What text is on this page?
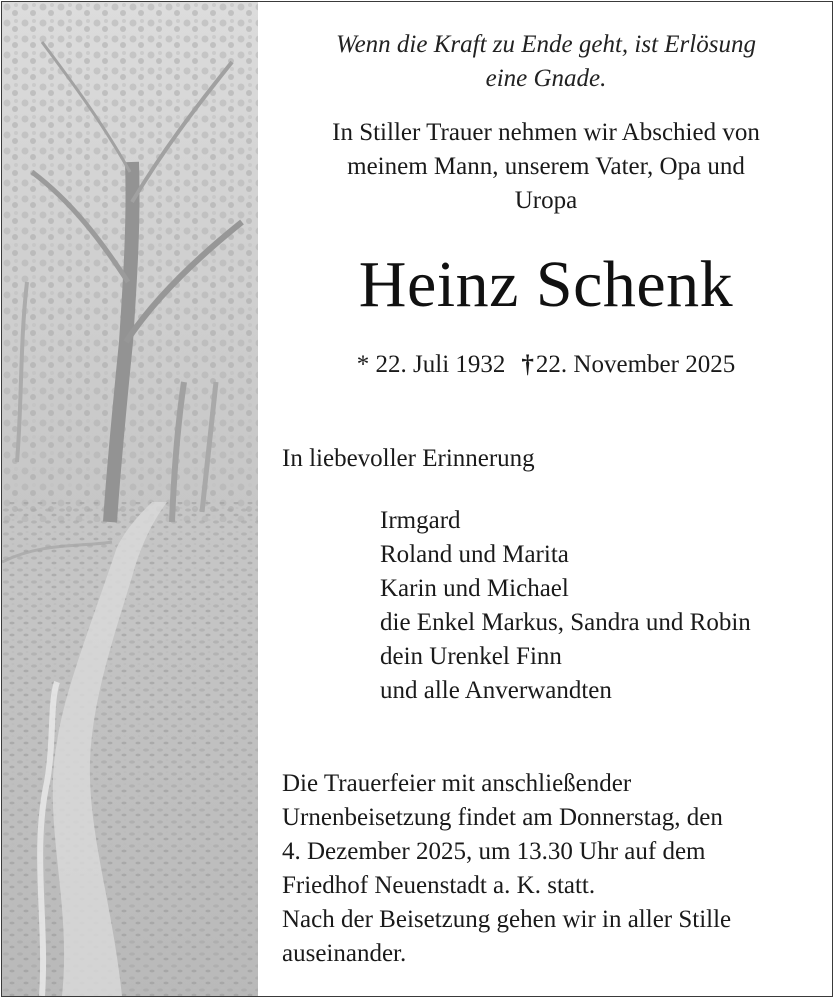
Wenn die Kraft zu Ende geht, ist Erlösung
eine Gnade.
In Stiller Trauer nehmen wir Abschied von
meinem Mann, unserem Vater, Opa und
Uropa
Heinz Schenk
* 22. Juli 1932 †22. November 2025
In liebevoller Erinnerung
Irmgard
Roland und Marita
Karin und Michael
die Enkel Markus, Sandra und Robin
dein Urenkel Finn
und alle Anverwandten
Die Trauerfeier mit anschließender
Urnenbeisetzung findet am Donnerstag, den
4. Dezember 2025, um 13.30 Uhr auf dem
Friedhof Neuenstadt a. K. statt.
Nach der Beisetzung gehen wir in aller Stille
auseinander.
